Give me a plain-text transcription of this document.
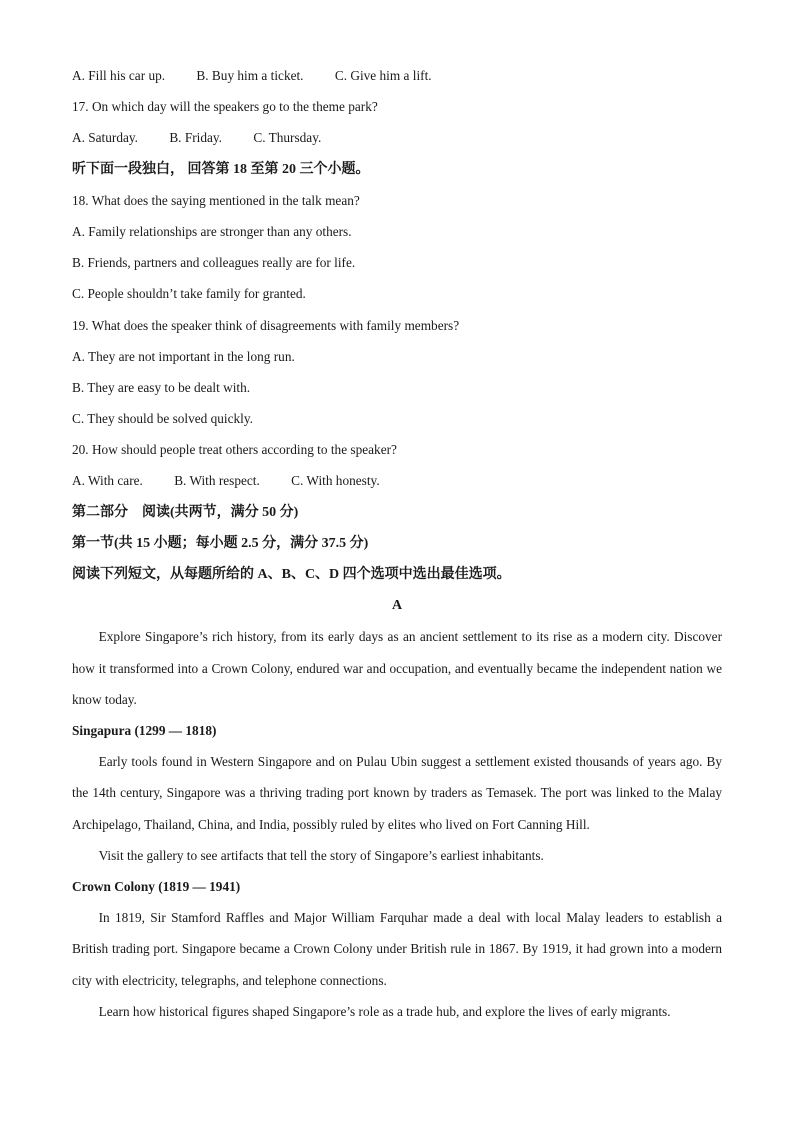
A. Fill his car up. B. Buy him a ticket. C. Give him a lift.
17. On which day will the speakers go to the theme park?
A. Saturday. B. Friday. C. Thursday.
听下面一段独白， 回答第 18 至第 20 三个小题。
18. What does the saying mentioned in the talk mean?
A. Family relationships are stronger than any others.
B. Friends, partners and colleagues really are for life.
C. People shouldn’t take family for granted.
19. What does the speaker think of disagreements with family members?
A. They are not important in the long run.
B. They are easy to be dealt with.
C. They should be solved quickly.
20. How should people treat others according to the speaker?
A. With care. B. With respect. C. With honesty.
第二部分　阅读(共两节，满分 50 分)
第一节(共 15 小题；每小题 2.5 分，满分 37.5 分)
阅读下列短文，从每题所给的 A、B、C、D 四个选项中选出最佳选项。
A

Explore Singapore’s rich history, from its early days as an ancient settlement to its rise as a modern city. Discover how it transformed into a Crown Colony, endured war and occupation, and eventually became the independent nation we know today.

Singapura (1299 — 1818)

Early tools found in Western Singapore and on Pulau Ubin suggest a settlement existed thousands of years ago. By the 14th century, Singapore was a thriving trading port known by traders as Temasek. The port was linked to the Malay Archipelago, Thailand, China, and India, possibly ruled by elites who lived on Fort Canning Hill.

Visit the gallery to see artifacts that tell the story of Singapore’s earliest inhabitants.

Crown Colony (1819 — 1941)

In 1819, Sir Stamford Raffles and Major William Farquhar made a deal with local Malay leaders to establish a British trading port. Singapore became a Crown Colony under British rule in 1867. By 1919, it had grown into a modern city with electricity, telegraphs, and telephone connections.

Learn how historical figures shaped Singapore’s role as a trade hub, and explore the lives of early migrants.
